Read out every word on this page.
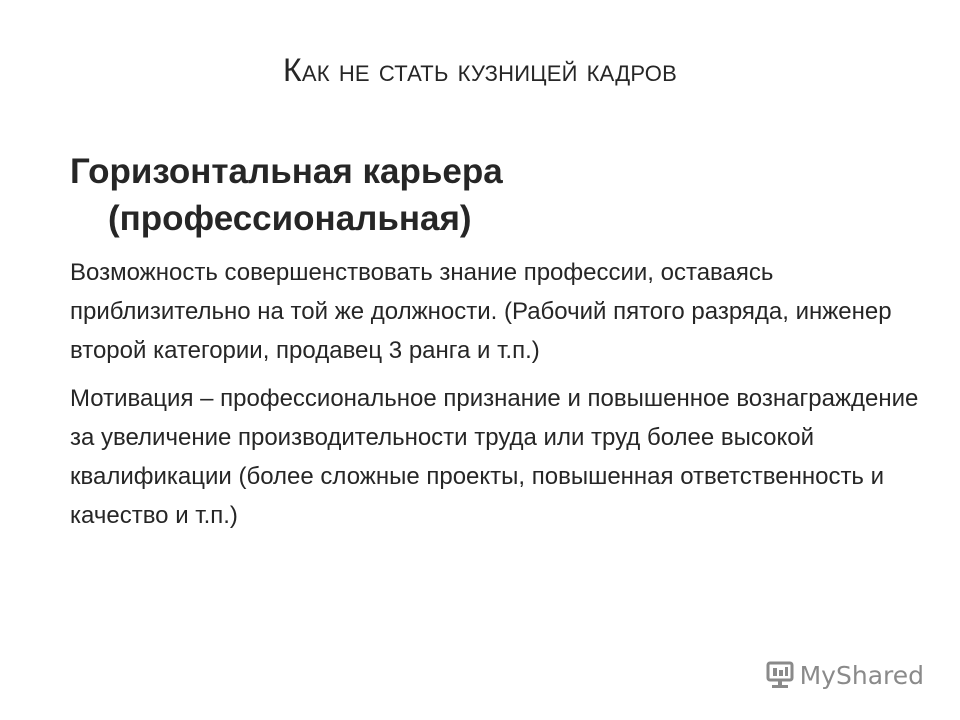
Как не стать кузницей кадров
Горизонтальная карьера
(профессиональная)

Возможность совершенствовать знание профессии, оставаясь приблизительно на той же должности. (Рабочий пятого разряда, инженер второй категории, продавец 3 ранга и т.п.)

Мотивация – профессиональное признание и повышенное вознаграждение за увеличение производительности труда или труд более высокой квалификации (более сложные проекты, повышенная ответственность и качество и т.п.)

MyShared
